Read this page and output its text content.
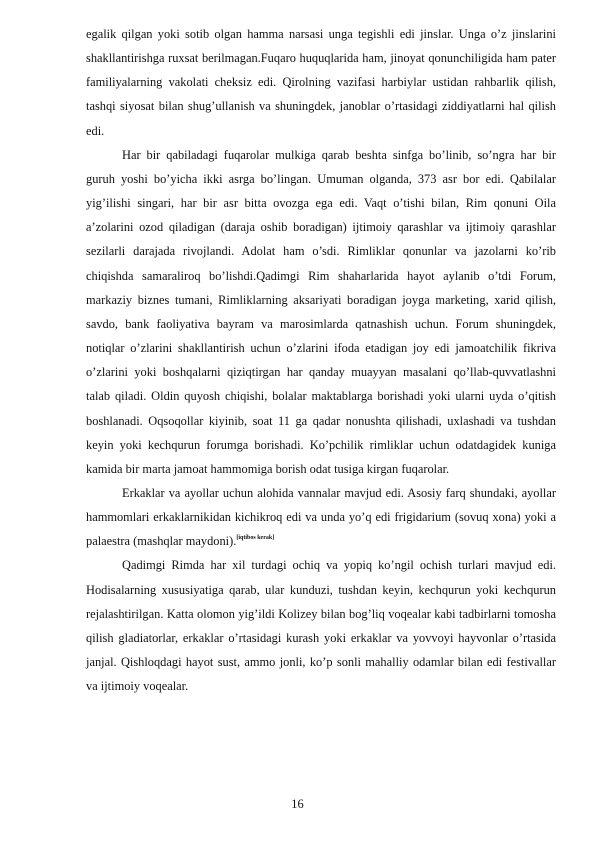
egalik qilgan yoki sotib olgan hamma narsasi unga tegishli edi jinslar. Unga o’z jinslarini shakllantirishga ruxsat berilmagan.Fuqaro huquqlarida ham, jinoyat qonunchiligida ham pater familiyalarning vakolati cheksiz edi. Qirolning vazifasi harbiylar ustidan rahbarlik qilish, tashqi siyosat bilan shug’ullanish va shuningdek, janoblar o’rtasidagi ziddiyatlarni hal qilish edi.

Har bir qabiladagi fuqarolar mulkiga qarab beshta sinfga bo’linib, so’ngra har bir guruh yoshi bo’yicha ikki asrga bo’lingan. Umuman olganda, 373 asr bor edi. Qabilalar yig’ilishi singari, har bir asr bitta ovozga ega edi. Vaqt o’tishi bilan, Rim qonuni Oila a’zolarini ozod qiladigan (daraja oshib boradigan) ijtimoiy qarashlar va ijtimoiy qarashlar sezilarli darajada rivojlandi. Adolat ham o’sdi. Rimliklar qonunlar va jazolarni ko’rib chiqishda samaraliroq bo’lishdi.Qadimgi Rim shaharlarida hayot aylanib o’tdi Forum, markaziy biznes tumani, Rimliklarning aksariyati boradigan joyga marketing, xarid qilish, savdo, bank faoliyativa bayram va marosimlarda qatnashish uchun. Forum shuningdek, notiqlar o’zlarini shakllantirish uchun o’zlarini ifoda etadigan joy edi jamoatchilik fikriva o’zlarini yoki boshqalarni qiziqtirgan har qanday muayyan masalani qo’llab-quvvatlashni talab qiladi. Oldin quyosh chiqishi, bolalar maktablarga borishadi yoki ularni uyda o’qitish boshlanadi. Oqsoqollar kiyinib, soat 11 ga qadar nonushta qilishadi, uxlashadi va tushdan keyin yoki kechqurun forumga borishadi. Ko’pchilik rimliklar uchun odatdagidek kuniga kamida bir marta jamoat hammomiga borish odat tusiga kirgan fuqarolar.

Erkaklar va ayollar uchun alohida vannalar mavjud edi. Asosiy farq shundaki, ayollar hammomlari erkaklarnikidan kichikroq edi va unda yo’q edi frigidarium (sovuq xona) yoki a palaestra (mashqlar maydoni).[iqtibos kerak]

Qadimgi Rimda har xil turdagi ochiq va yopiq ko’ngil ochish turlari mavjud edi. Hodisalarning xususiyatiga qarab, ular kunduzi, tushdan keyin, kechqurun yoki kechqurun rejalashtirilgan. Katta olomon yig’ildi Kolizey bilan bog’liq voqealar kabi tadbirlarni tomosha qilish gladiatorlar, erkaklar o’rtasidagi kurash yoki erkaklar va yovvoyi hayvonlar o’rtasida janjal. Qishloqdagi hayot sust, ammo jonli, ko’p sonli mahalliy odamlar bilan edi festivallar va ijtimoiy voqealar.

16
